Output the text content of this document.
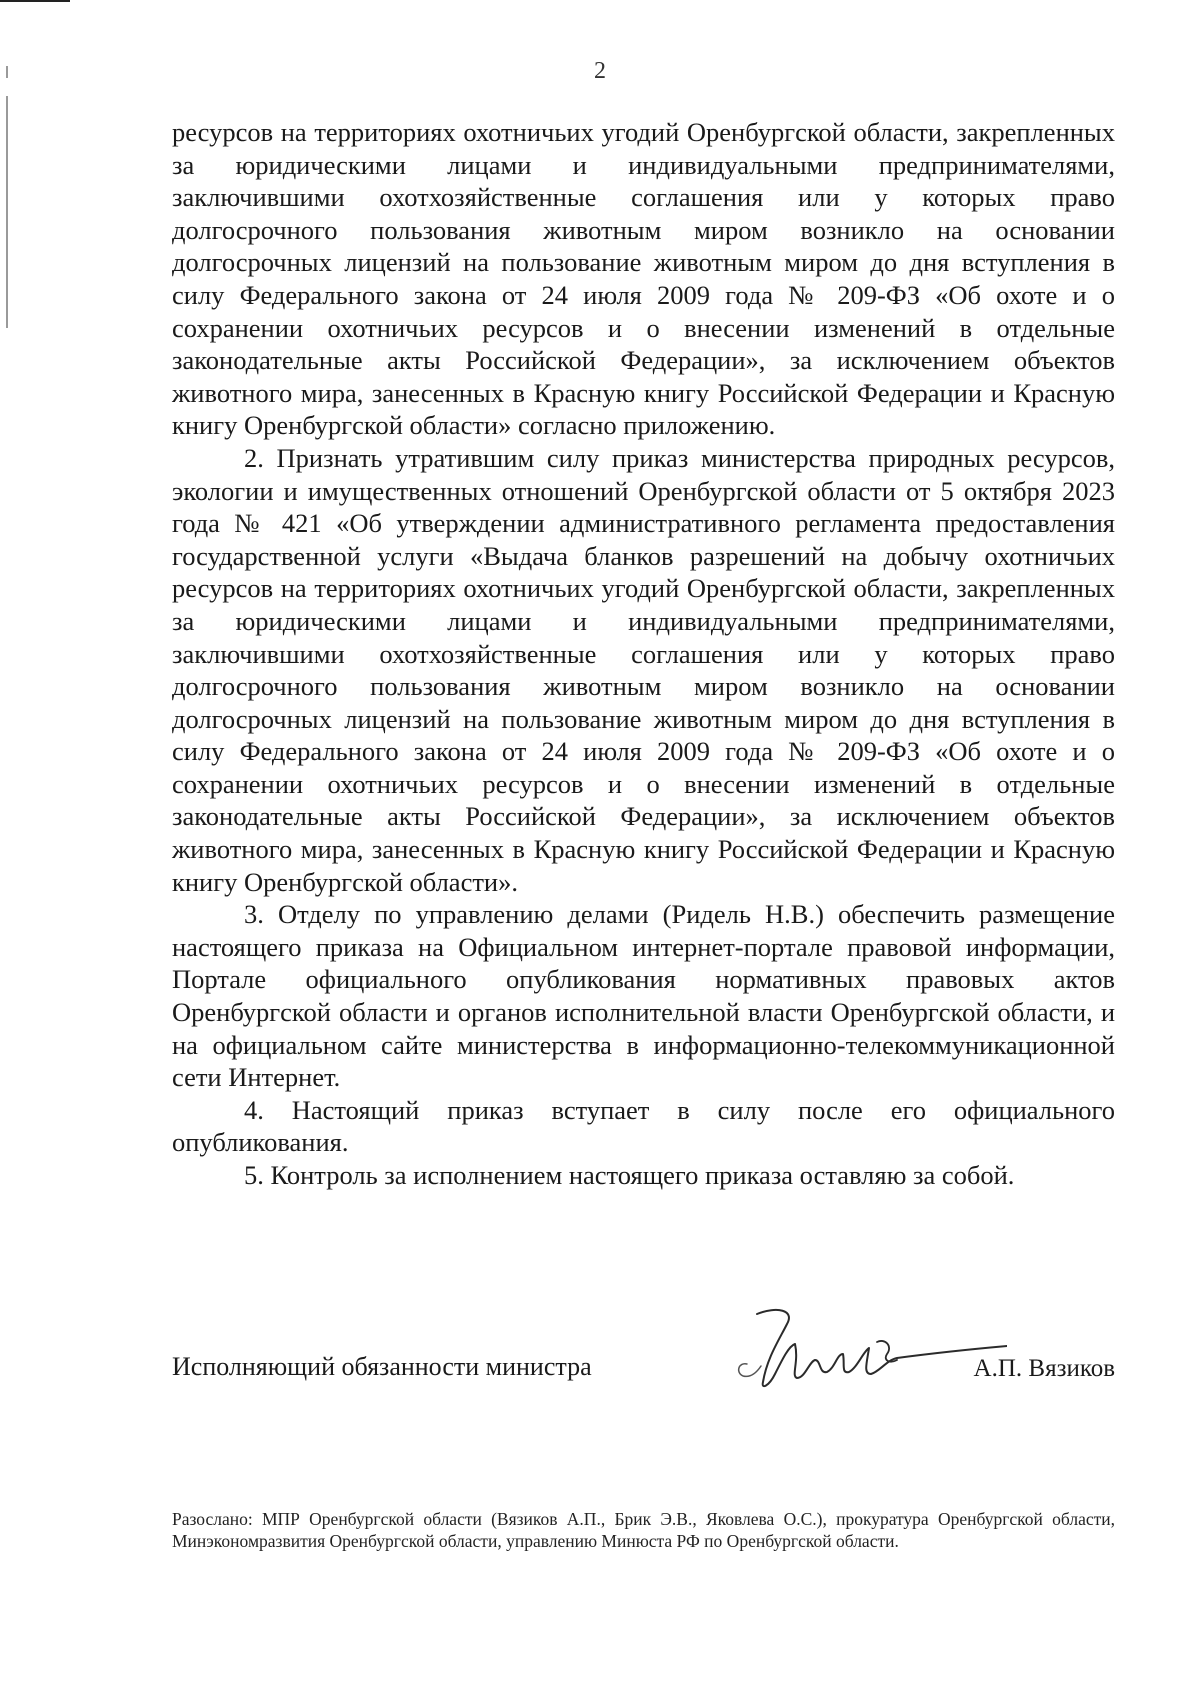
2

ресурсов на территориях охотничьих угодий Оренбургской области, закрепленных за юридическими лицами и индивидуальными предпринимателями, заключившими охотхозяйственные соглашения или у которых право долгосрочного пользования животным миром возникло на основании долгосрочных лицензий на пользование животным миром до дня вступления в силу Федерального закона от 24 июля 2009 года № 209-ФЗ «Об охоте и о сохранении охотничьих ресурсов и о внесении изменений в отдельные законодательные акты Российской Федерации», за исключением объектов животного мира, занесенных в Красную книгу Российской Федерации и Красную книгу Оренбургской области» согласно приложению.

2. Признать утратившим силу приказ министерства природных ресурсов, экологии и имущественных отношений Оренбургской области от 5 октября 2023 года № 421 «Об утверждении административного регламента предоставления государственной услуги «Выдача бланков разрешений на добычу охотничьих ресурсов на территориях охотничьих угодий Оренбургской области, закрепленных за юридическими лицами и индивидуальными предпринимателями, заключившими охотхозяйственные соглашения или у которых право долгосрочного пользования животным миром возникло на основании долгосрочных лицензий на пользование животным миром до дня вступления в силу Федерального закона от 24 июля 2009 года № 209-ФЗ «Об охоте и о сохранении охотничьих ресурсов и о внесении изменений в отдельные законодательные акты Российской Федерации», за исключением объектов животного мира, занесенных в Красную книгу Российской Федерации и Красную книгу Оренбургской области».

3. Отделу по управлению делами (Ридель Н.В.) обеспечить размещение настоящего приказа на Официальном интернет-портале правовой информации, Портале официального опубликования нормативных правовых актов Оренбургской области и органов исполнительной власти Оренбургской области, и на официальном сайте министерства в информационно-телекоммуникационной сети Интернет.

4. Настоящий приказ вступает в силу после его официального опубликования.

5. Контроль за исполнением настоящего приказа оставляю за собой.

Исполняющий обязанности министра	А.П. Вязиков
Разослано: МПР Оренбургской области (Вязиков А.П., Брик Э.В., Яковлева О.С.), прокуратура Оренбургской области, Минэкономразвития Оренбургской области, управлению Минюста РФ по Оренбургской области.
